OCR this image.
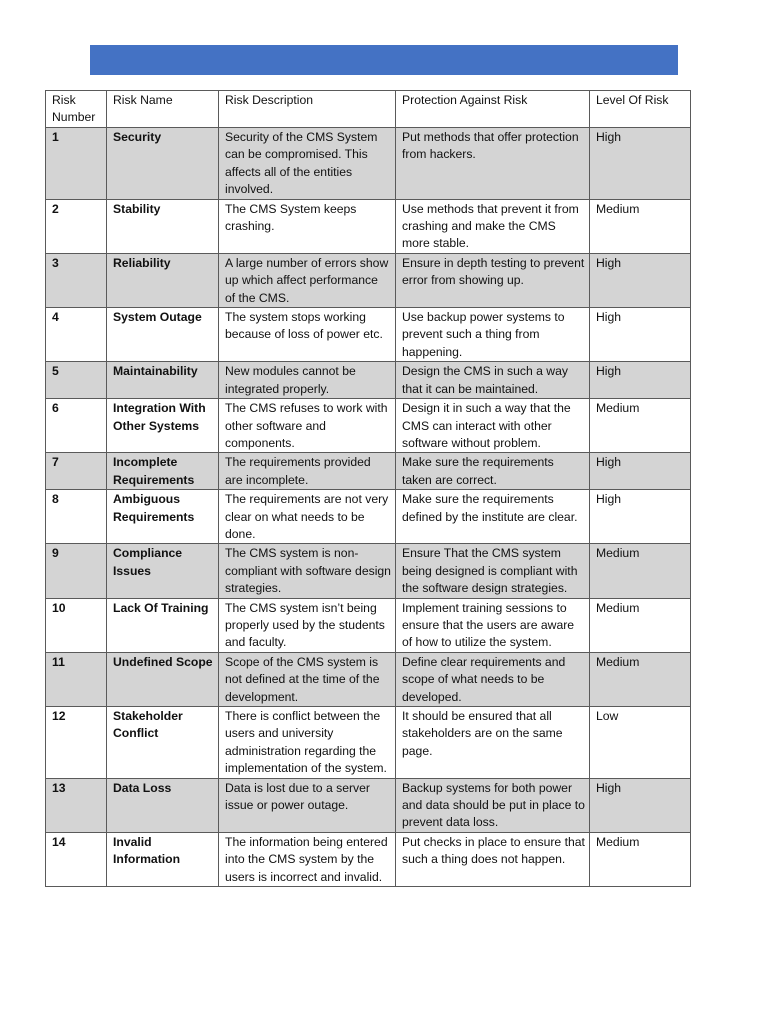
Risk Number	Risk Name	Risk Description	Protection Against Risk	Level Of Risk
1	Security	Security of the CMS System can be compromised. This affects all of the entities involved.	Put methods that offer protection from hackers.	High
2	Stability	The CMS System keeps crashing.	Use methods that prevent it from crashing and make the CMS more stable.	Medium
3	Reliability	A large number of errors show up which affect performance of the CMS.	Ensure in depth testing to prevent error from showing up.	High
4	System Outage	The system stops working because of loss of power etc.	Use backup power systems to prevent such a thing from happening.	High
5	Maintainability	New modules cannot be integrated properly.	Design the CMS in such a way that it can be maintained.	High
6	Integration With Other Systems	The CMS refuses to work with other software and components.	Design it in such a way that the CMS can interact with other software without problem.	Medium
7	Incomplete Requirements	The requirements provided are incomplete.	Make sure the requirements taken are correct.	High
8	Ambiguous Requirements	The requirements are not very clear on what needs to be done.	Make sure the requirements defined by the institute are clear.	High
9	Compliance Issues	The CMS system is non-compliant with software design strategies.	Ensure That the CMS system being designed is compliant with the software design strategies.	Medium
10	Lack Of Training	The CMS system isn’t being properly used by the students and faculty.	Implement training sessions to ensure that the users are aware of how to utilize the system.	Medium
11	Undefined Scope	Scope of the CMS system is not defined at the time of the development.	Define clear requirements and scope of what needs to be developed.	Medium
12	Stakeholder Conflict	There is conflict between the users and university administration regarding the implementation of the system.	It should be ensured that all stakeholders are on the same page.	Low
13	Data Loss	Data is lost due to a server issue or power outage.	Backup systems for both power and data should be put in place to prevent data loss.	High
14	Invalid Information	The information being entered into the CMS system by the users is incorrect and invalid.	Put checks in place to ensure that such a thing does not happen.	Medium
